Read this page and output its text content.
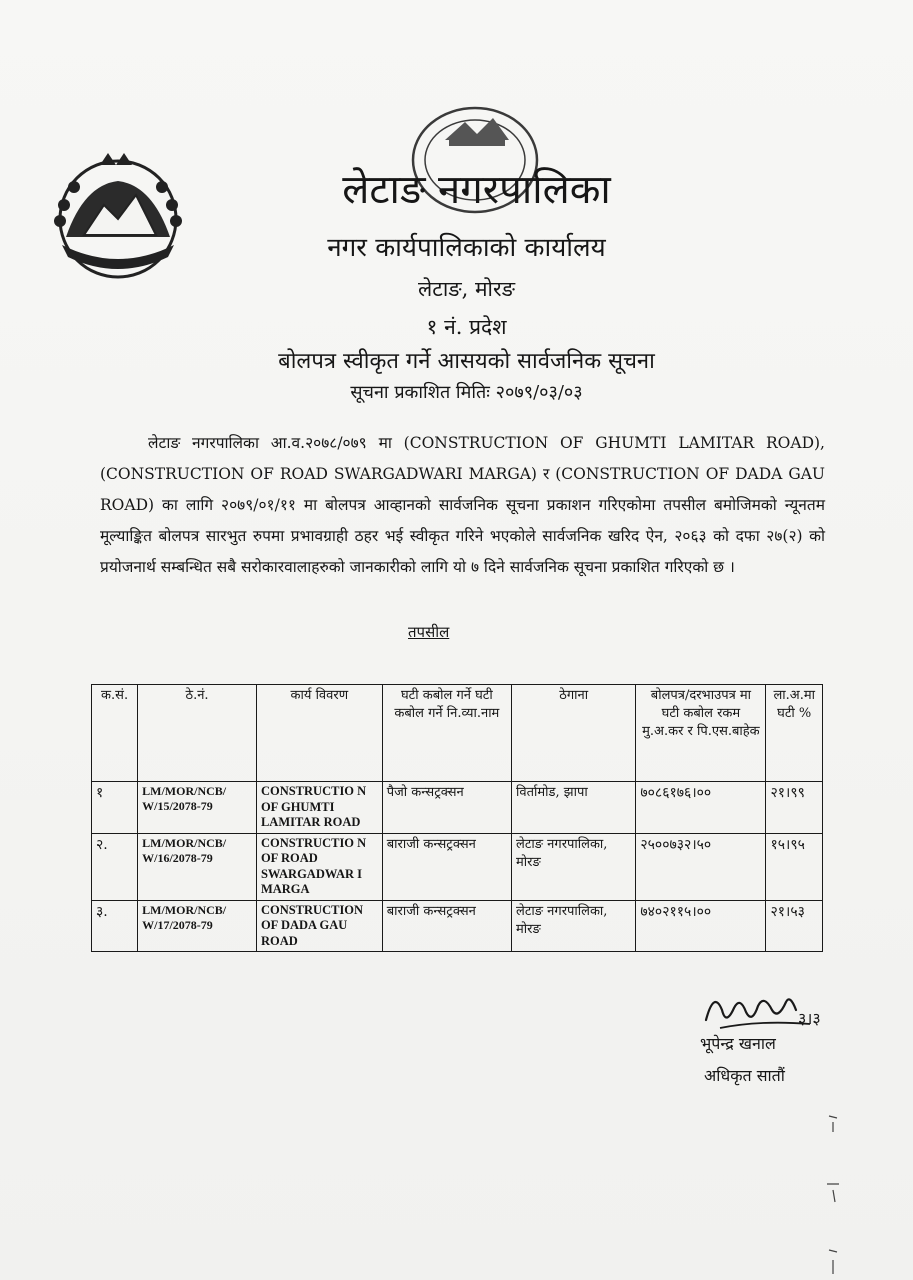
लेटाङ नगरपालिका
नगर कार्यपालिकाको कार्यालय
लेटाङ, मोरङ
१ नं. प्रदेश
बोलपत्र स्वीकृत गर्ने आसयको सार्वजनिक सूचना
सूचना प्रकाशित मितिः २०७९/०३/०३
लेटाङ नगरपालिका आ.व.२०७८/०७९ मा (CONSTRUCTION OF GHUMTI LAMITAR ROAD), (CONSTRUCTION OF ROAD SWARGADWARI MARGA) र (CONSTRUCTION OF DADA GAU ROAD) का लागि २०७९/०१/११ मा बोलपत्र आव्हानको सार्वजनिक सूचना प्रकाशन गरिएकोमा तपसील बमोजिमको न्यूनतम मूल्याङ्कित बोलपत्र सारभुत रुपमा प्रभावग्राही ठहर भई स्वीकृत गरिने भएकोले सार्वजनिक खरिद ऐन, २०६३ को दफा २७(२) को प्रयोजनार्थ सम्बन्धित सबै सरोकारवालाहरुको जानकारीको लागि यो ७ दिने सार्वजनिक सूचना प्रकाशित गरिएको छ ।
तपसील
क.सं.	ठे.नं.	कार्य विवरण	घटी कबोल गर्ने घटी कबोल गर्ने नि.व्या.नाम	ठेगाना	बोलपत्र/दरभाउपत्र मा घटी कबोल रकम मु.अ.कर र पि.एस.बाहेक	ला.अ.मा घटी %
१	LM/MOR/NCB/ W/15/2078-79	CONSTRUCTIO N OF GHUMTI LAMITAR ROAD	पैजो कन्सट्रक्सन	विर्तामोड, झापा	७०८६१७६।००	२१।९९
२.	LM/MOR/NCB/ W/16/2078-79	CONSTRUCTIO N OF ROAD SWARGADWAR I MARGA	बाराजी कन्सट्रक्सन	लेटाङ नगरपालिका, मोरङ	२५००७३२।५०	१५।९५
३.	LM/MOR/NCB/ W/17/2078-79	CONSTRUCTION OF DADA GAU ROAD	बाराजी कन्सट्रक्सन	लेटाङ नगरपालिका, मोरङ	७४०२११५।००	२१।५३
३।३
भूपेन्द्र खनाल
अधिकृत सातौं
